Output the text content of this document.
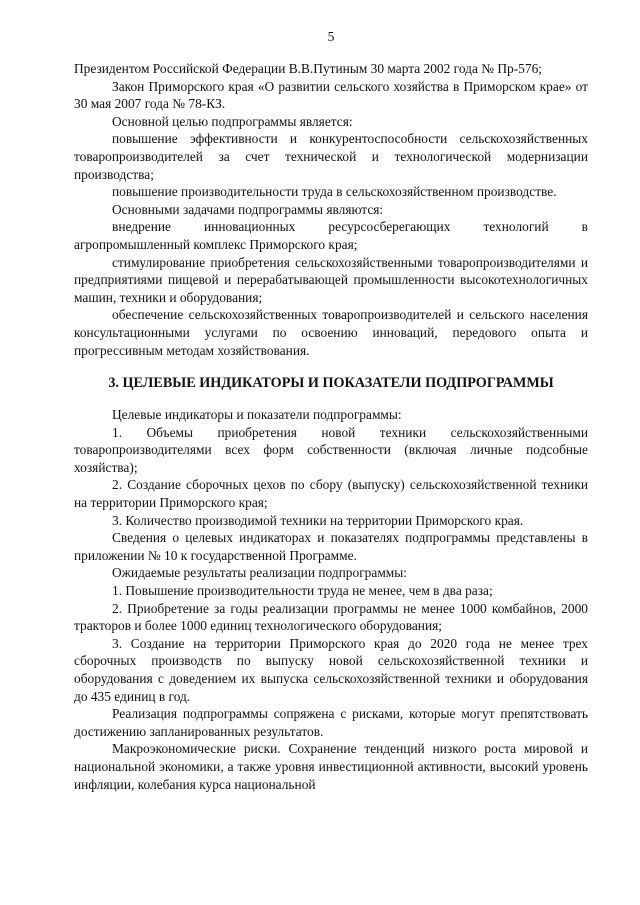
5

Президентом Российской Федерации В.В.Путиным 30 марта 2002 года № Пр-576;

Закон Приморского края «О развитии сельского хозяйства в Приморском крае» от 30 мая 2007 года № 78-КЗ.

Основной целью подпрограммы является:

повышение эффективности и конкурентоспособности сельскохозяйственных товаропроизводителей за счет технической и технологической модернизации производства;

повышение производительности труда в сельскохозяйственном производстве.

Основными задачами подпрограммы являются:

внедрение инновационных ресурсосберегающих технологий в агропромышленный комплекс Приморского края;

стимулирование приобретения сельскохозяйственными товаропроизводителями и предприятиями пищевой и перерабатывающей промышленности высокотехнологичных машин, техники и оборудования;

обеспечение сельскохозяйственных товаропроизводителей и сельского населения консультационными услугами по освоению инноваций, передового опыта и прогрессивным методам хозяйствования.

3. ЦЕЛЕВЫЕ ИНДИКАТОРЫ И ПОКАЗАТЕЛИ ПОДПРОГРАММЫ

Целевые индикаторы и показатели подпрограммы:

1. Объемы приобретения новой техники сельскохозяйственными товаропроизводителями всех форм собственности (включая личные подсобные хозяйства);

2. Создание сборочных цехов по сбору (выпуску) сельскохозяйственной техники на территории Приморского края;

3. Количество производимой техники на территории Приморского края.

Сведения о целевых индикаторах и показателях подпрограммы представлены в приложении № 10 к государственной Программе.

Ожидаемые результаты реализации подпрограммы:

1. Повышение производительности труда не менее, чем в два раза;

2. Приобретение за годы реализации программы не менее 1000 комбайнов, 2000 тракторов и более 1000 единиц технологического оборудования;

3. Создание на территории Приморского края до 2020 года не менее трех сборочных производств по выпуску новой сельскохозяйственной техники и оборудования с доведением их выпуска сельскохозяйственной техники и оборудования до 435 единиц в год.

Реализация подпрограммы сопряжена с рисками, которые могут препятствовать достижению запланированных результатов.

Макроэкономические риски. Сохранение тенденций низкого роста мировой и национальной экономики, а также уровня инвестиционной активности, высокий уровень инфляции, колебания курса национальной
